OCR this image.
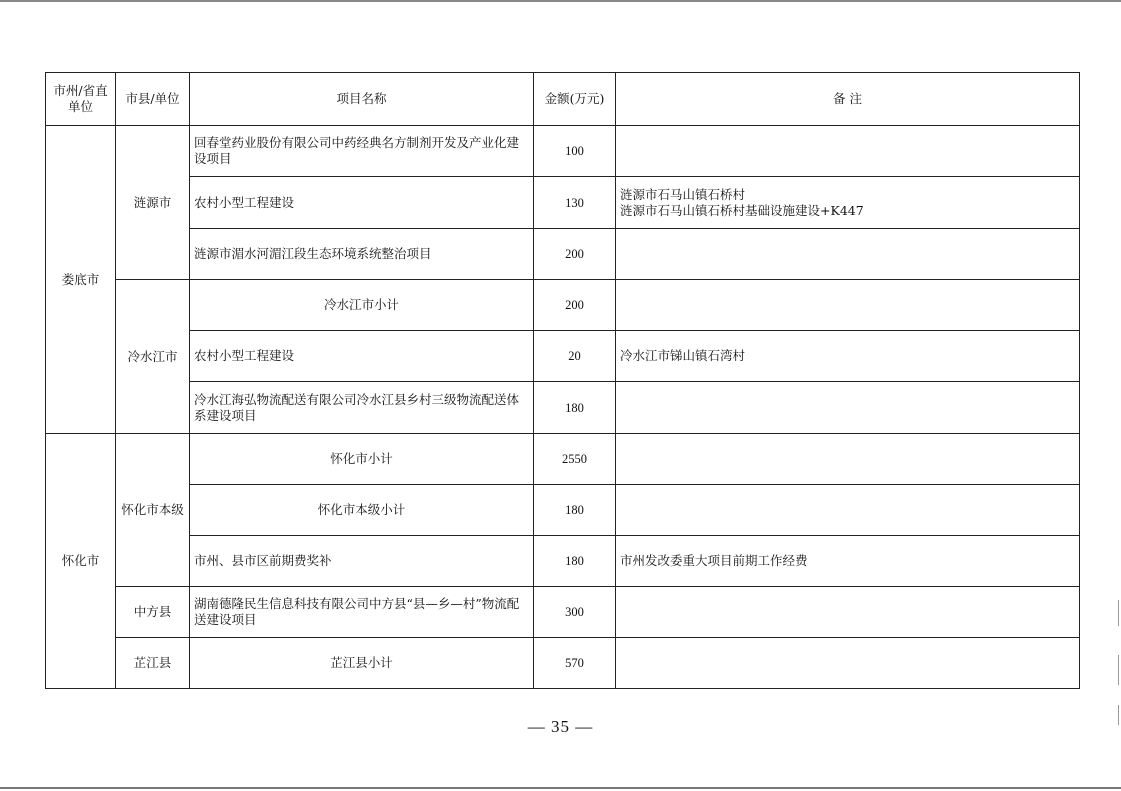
市州/省直单位	市县/单位	项目名称	金额(万元)	备 注
娄底市	涟源市	回春堂药业股份有限公司中药经典名方制剂开发及产业化建设项目	100	
		农村小型工程建设	130	涟源市石马山镇石桥村
涟源市石马山镇石桥村基础设施建设+K447

		涟源市湄水河湄江段生态环境系统整治项目	200	
	冷水江市	冷水江市小计	200	
		农村小型工程建设	20	冷水江市锑山镇石湾村
		冷水江海弘物流配送有限公司冷水江县乡村三级物流配送体系建设项目	180	
怀化市	怀化市本级	怀化市小计	2550	
		怀化市本级小计	180	
		市州、县市区前期费奖补	180	市州发改委重大项目前期工作经费
	中方县	湖南德隆民生信息科技有限公司中方县“县—乡—村”物流配送建设项目	300	
	芷江县	芷江县小计	570	
— 35 —
